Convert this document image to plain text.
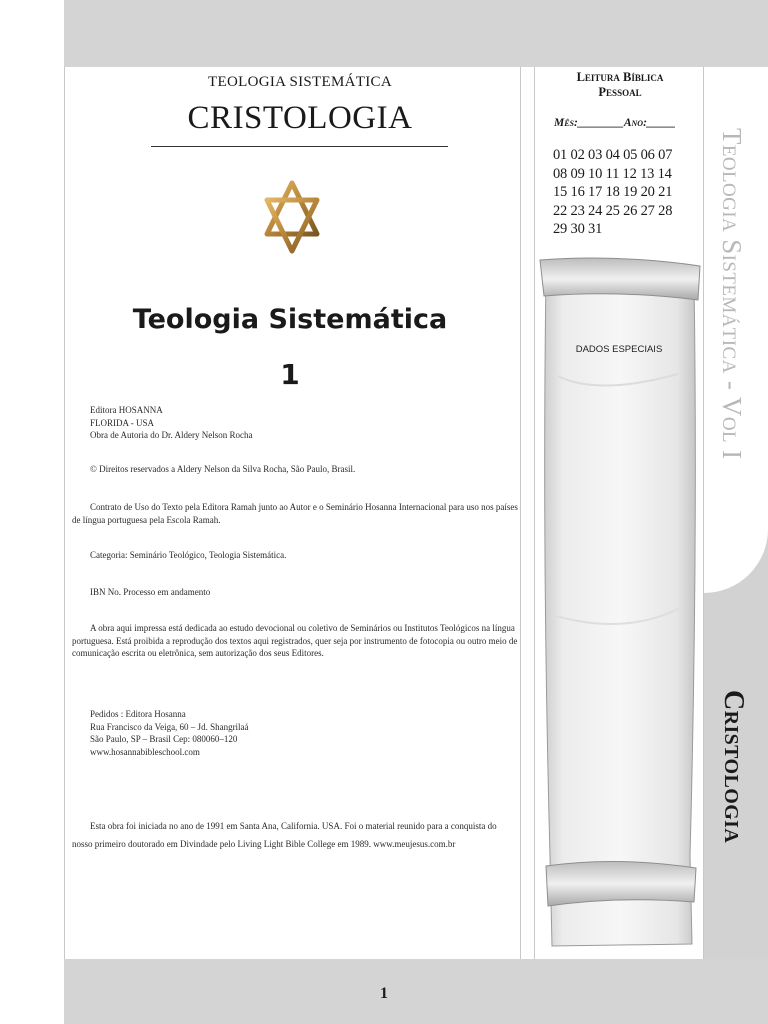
TEOLOGIA SISTEMÁTICA
CRISTOLOGIA
Teologia Sistemática
1
Editora HOSANNA
FLORIDA - USA
Obra de Autoria do Dr. Aldery Nelson Rocha
© Direitos reservados a Aldery Nelson da Silva Rocha, São Paulo, Brasil.
Contrato de Uso do Texto pela Editora Ramah junto ao Autor e o Seminário Hosanna Internacional para uso nos países de língua portuguesa pela Escola Ramah.
Categoria: Seminário Teológico, Teologia Sistemática.
IBN No. Processo em andamento
A obra aqui impressa está dedicada ao estudo devocional ou coletivo de Seminários ou Institutos Teológicos na língua portuguesa. Está proibida a reprodução dos textos aqui registrados, quer seja por instrumento de fotocopia ou outro meio de comunicação escrita ou eletrônica, sem autorização dos seus Editores.
Pedidos : Editora Hosanna
Rua Francisco da Veiga, 60 – Jd. Shangrilaá
São Paulo, SP – Brasil Cep: 080060–120
www.hosannabibleschool.com
Esta obra foi iniciada no ano de 1991 em Santa Ana, California. USA. Foi o material reunido para a conquista do nosso primeiro doutorado em Divindade pelo Living Light Bible College em 1989. www.meujesus.com.br
Leitura Bíblica
Pessoal
Mês:________Ano:_____
01 02 03 04 05 06 07
08 09 10 11 12 13 14
15 16 17 18 19 20 21
22 23 24 25 26 27 28
29 30 31
DADOS ESPECIAIS	Teologia Sistemática - Vol I
Cristologia
1
